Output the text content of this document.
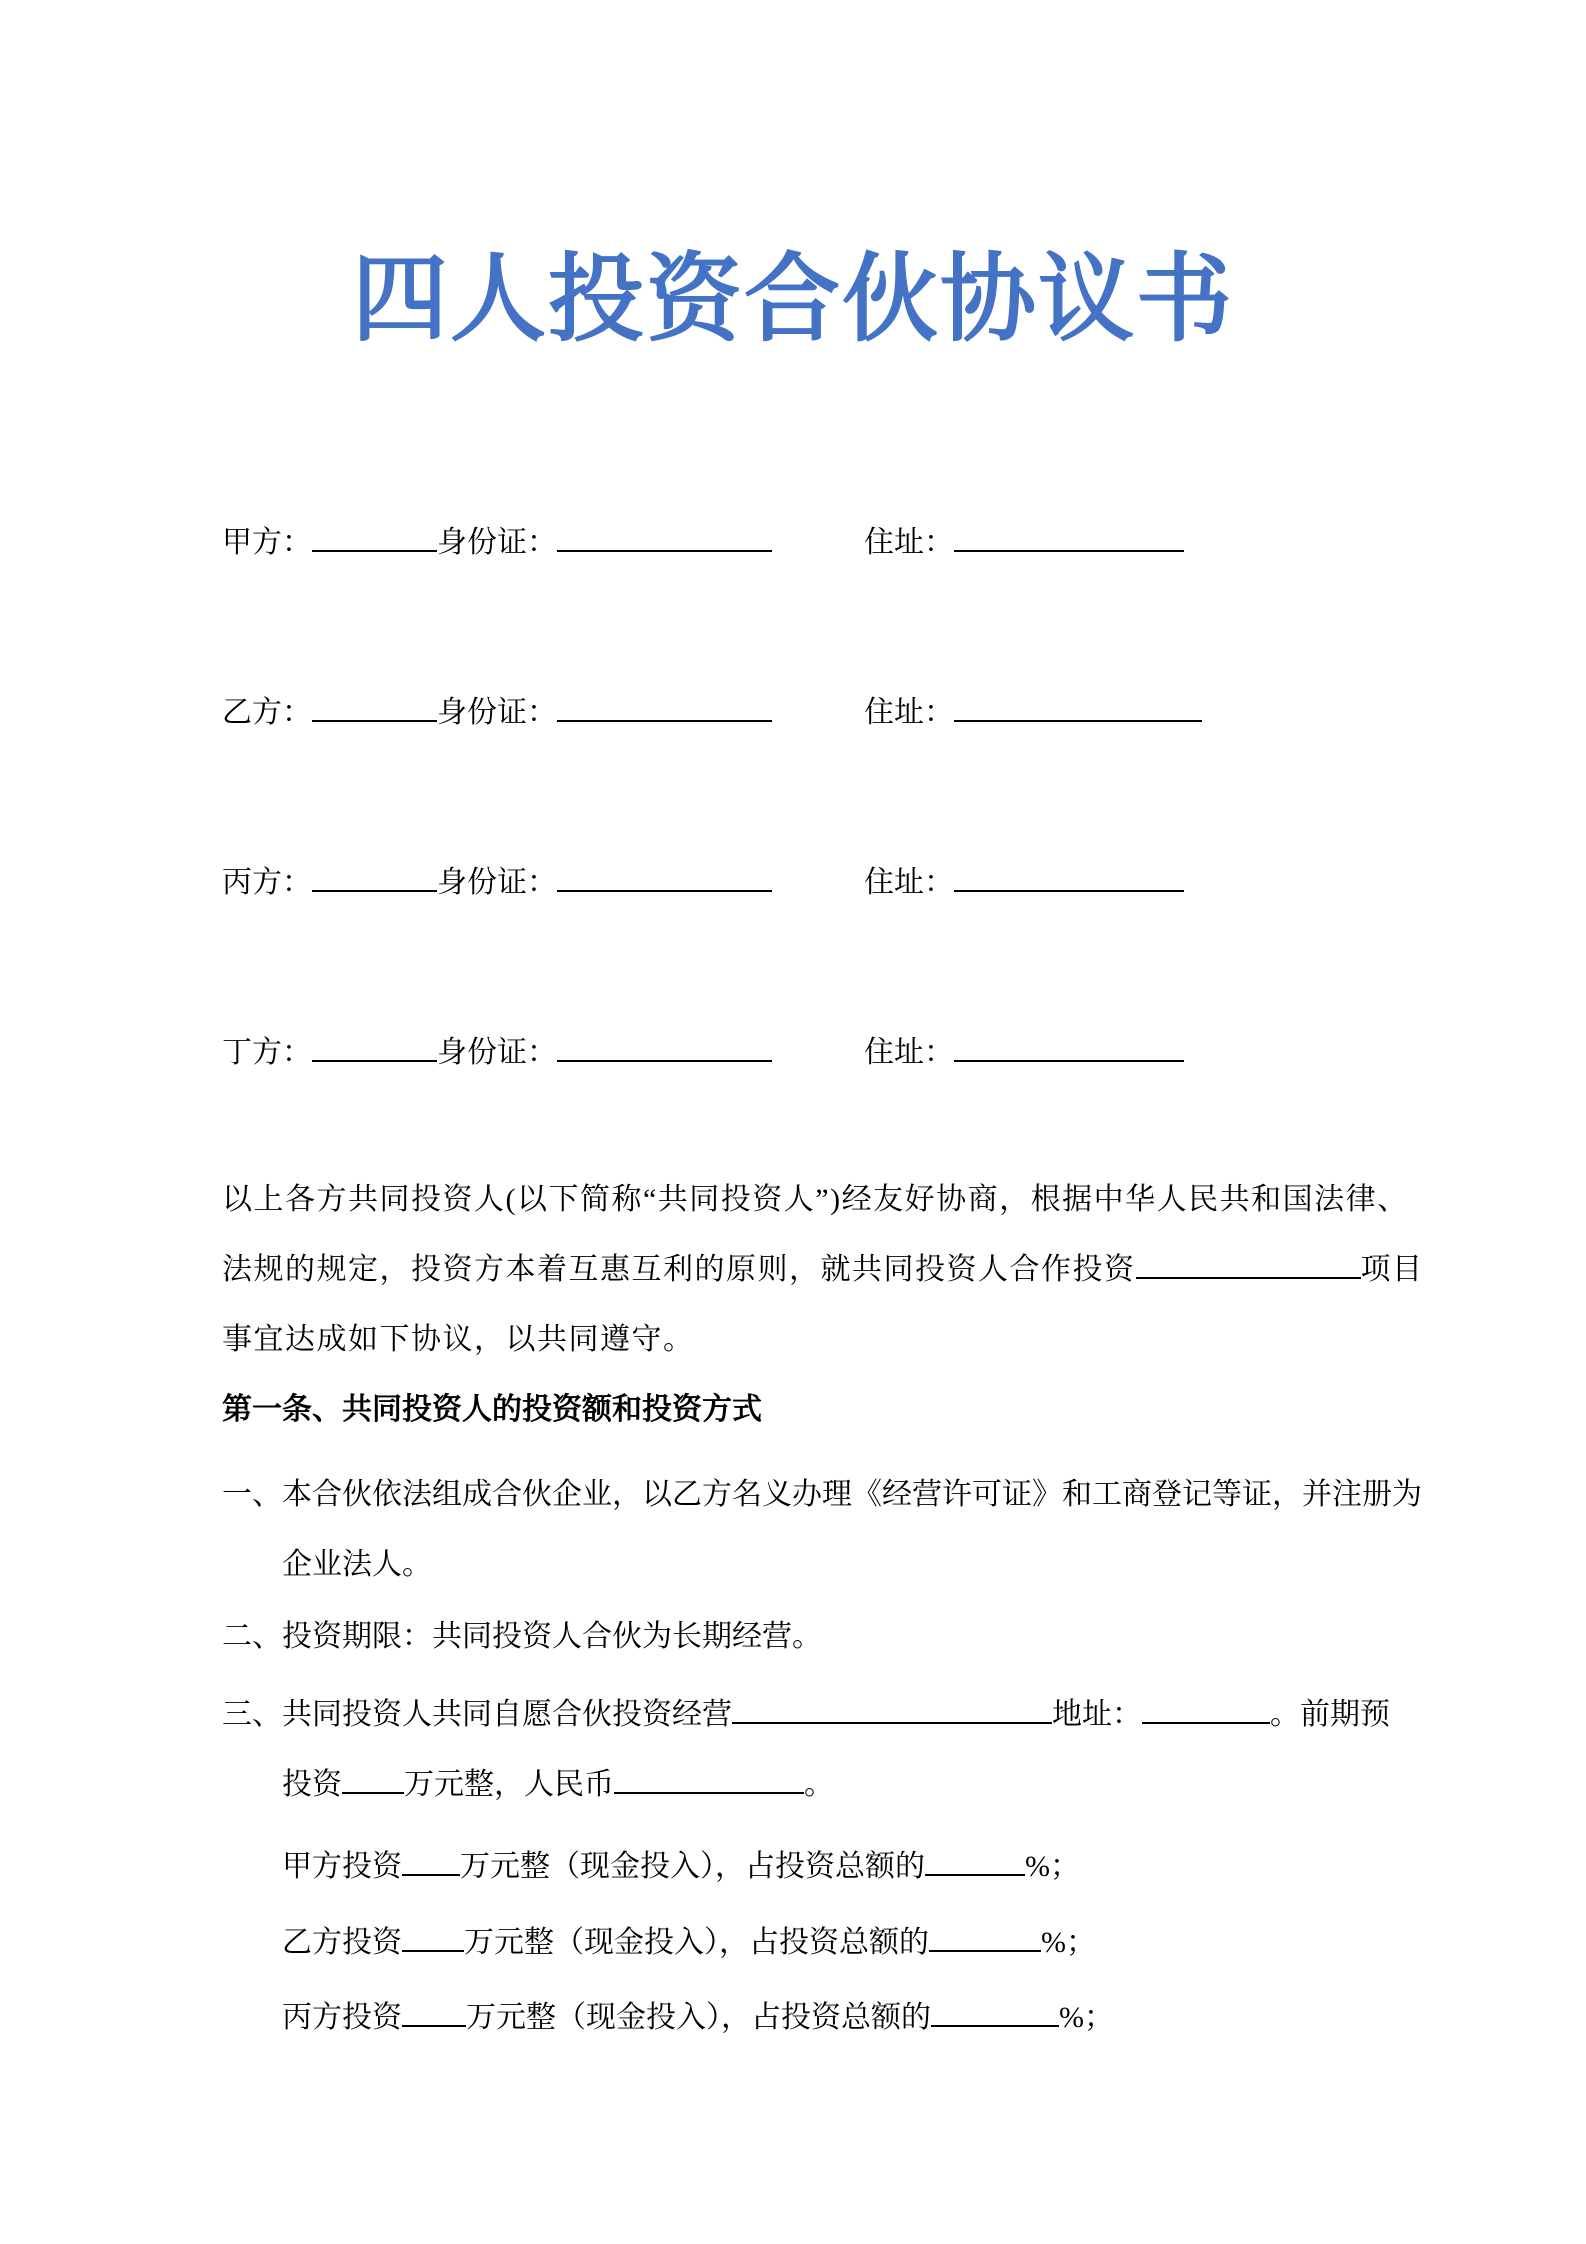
四人投资合伙协议书
甲方：	身份证：	住址：
乙方：	身份证：	住址：
丙方：	身份证：	住址：
丁方：	身份证：	住址：

以上各方共同投资人(以下简称“共同投资人”)经友好协商，根据中华人民共和国法律、
法规的规定，投资方本着互惠互利的原则，就共同投资人合作投资	项目
事宜达成如下协议，以共同遵守。

第一条、共同投资人的投资额和投资方式

一、本合伙依法组成合伙企业，以乙方名义办理《经营许可证》和工商登记等证，并注册为
企业法人。

二、投资期限：共同投资人合伙为长期经营。

三、共同投资人共同自愿合伙投资经营	地址：	。前期预
投资 万元整，人民币	。

甲方投资 万元整（现金投入），占投资总额的	%；

乙方投资 万元整（现金投入），占投资总额的	%；

丙方投资 万元整（现金投入），占投资总额的	%；
